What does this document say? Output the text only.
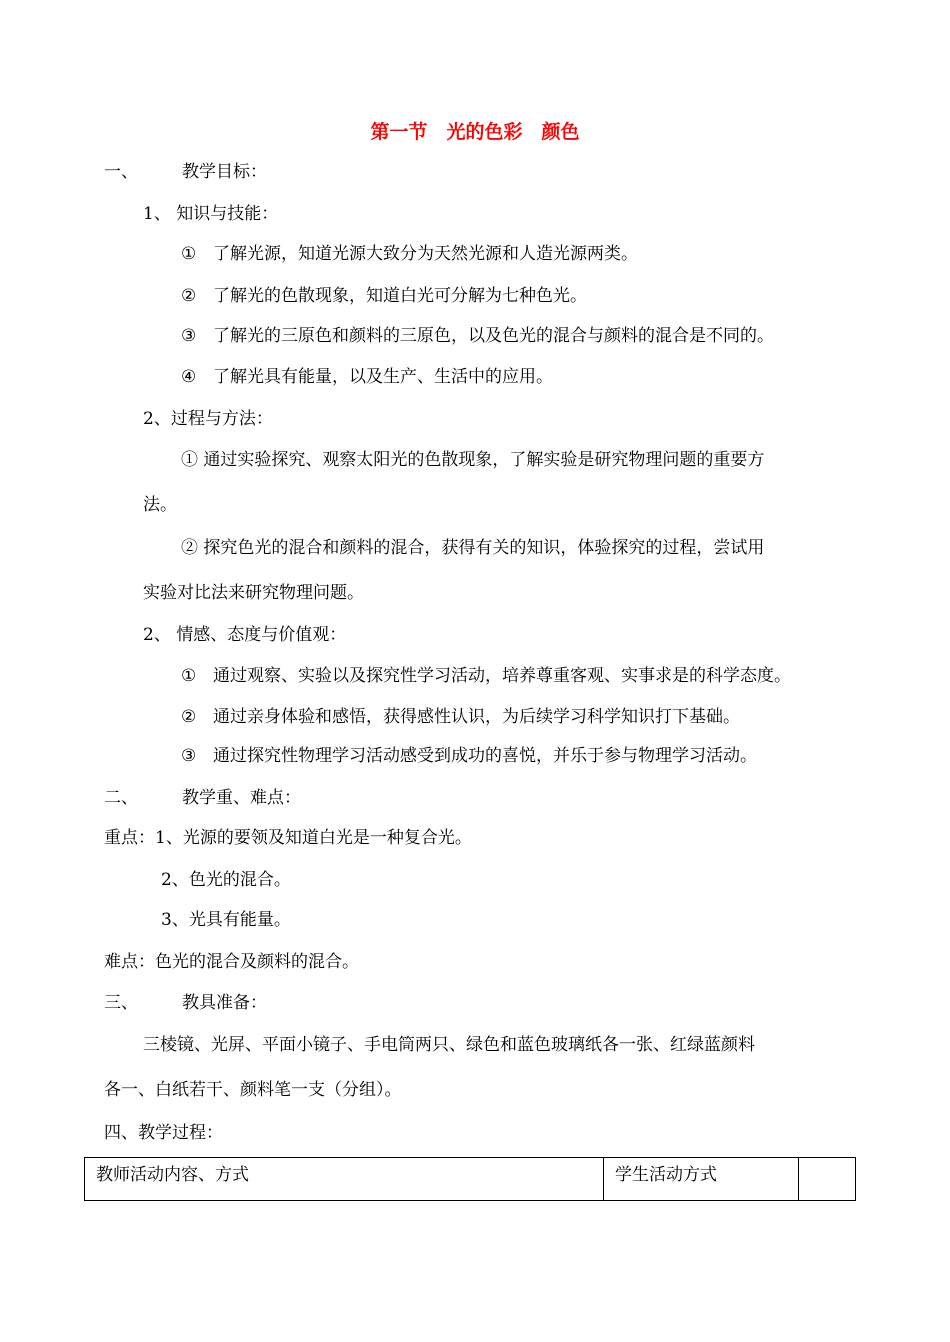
第一节　光的色彩　颜色
一、	教学目标：
1、 知识与技能：
① 了解光源，知道光源大致分为天然光源和人造光源两类。
② 了解光的色散现象，知道白光可分解为七种色光。
③ 了解光的三原色和颜料的三原色，以及色光的混合与颜料的混合是不同的。
④ 了解光具有能量，以及生产、生活中的应用。
2、过程与方法：
① 通过实验探究、观察太阳光的色散现象，了解实验是研究物理问题的重要方
法。
② 探究色光的混合和颜料的混合，获得有关的知识，体验探究的过程，尝试用
实验对比法来研究物理问题。
2、 情感、态度与价值观：
① 通过观察、实验以及探究性学习活动，培养尊重客观、实事求是的科学态度。
② 通过亲身体验和感悟，获得感性认识，为后续学习科学知识打下基础。
③ 通过探究性物理学习活动感受到成功的喜悦，并乐于参与物理学习活动。
二、	教学重、难点：
重点：1、光源的要领及知道白光是一种复合光。
2、色光的混合。
3、光具有能量。
难点：色光的混合及颜料的混合。
三、	教具准备：
三棱镜、光屏、平面小镜子、手电筒两只、绿色和蓝色玻璃纸各一张、红绿蓝颜料
各一、白纸若干、颜料笔一支（分组）。
四、教学过程：
教师活动内容、方式	学生活动方式
